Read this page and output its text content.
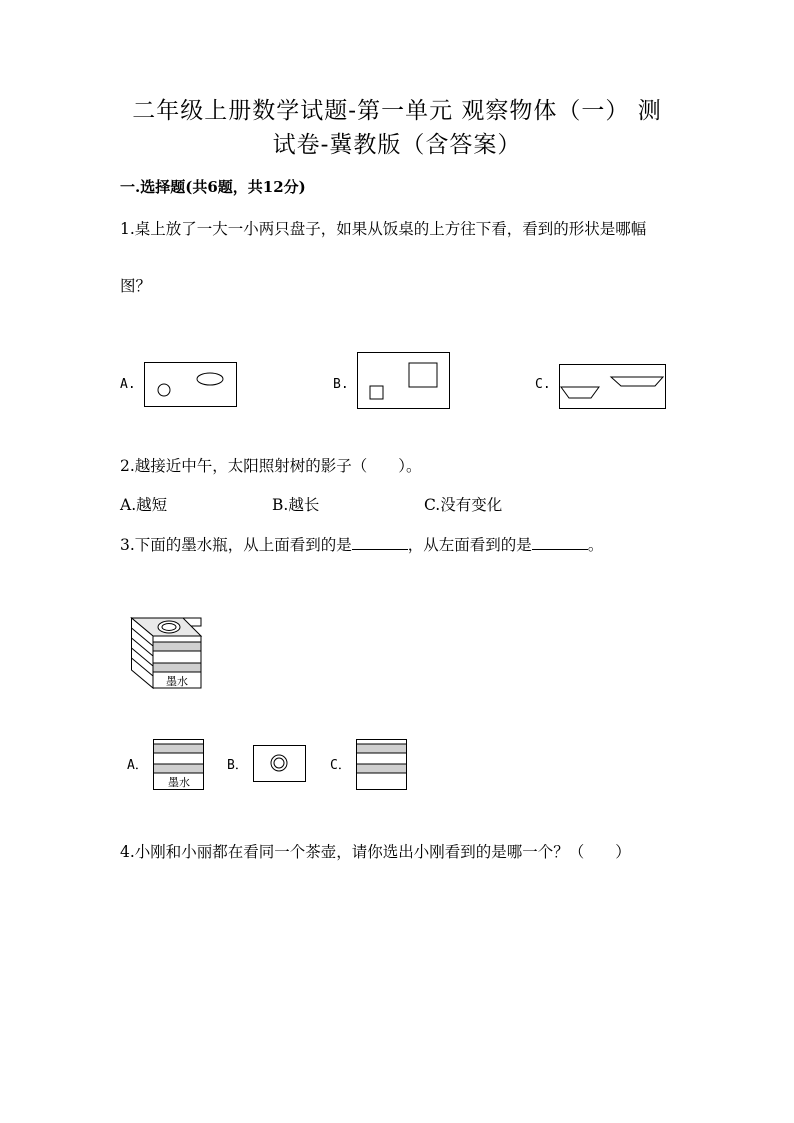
二年级上册数学试题-第一单元 观察物体（一） 测
试卷-冀教版（含答案）
一.选择题(共6题，共12分)
1.桌上放了一大一小两只盘子，如果从饭桌的上方往下看，看到的形状是哪幅
图？
A.	B.	C.
2.越接近中午，太阳照射树的影子（　　）。
A.越短	B.越长	C.没有变化
3.下面的墨水瓶，从上面看到的是	，从左面看到的是	。
墨水
A．
墨水
B．	C．
4.小刚和小丽都在看同一个茶壶，请你选出小刚看到的是哪一个？（　　）
